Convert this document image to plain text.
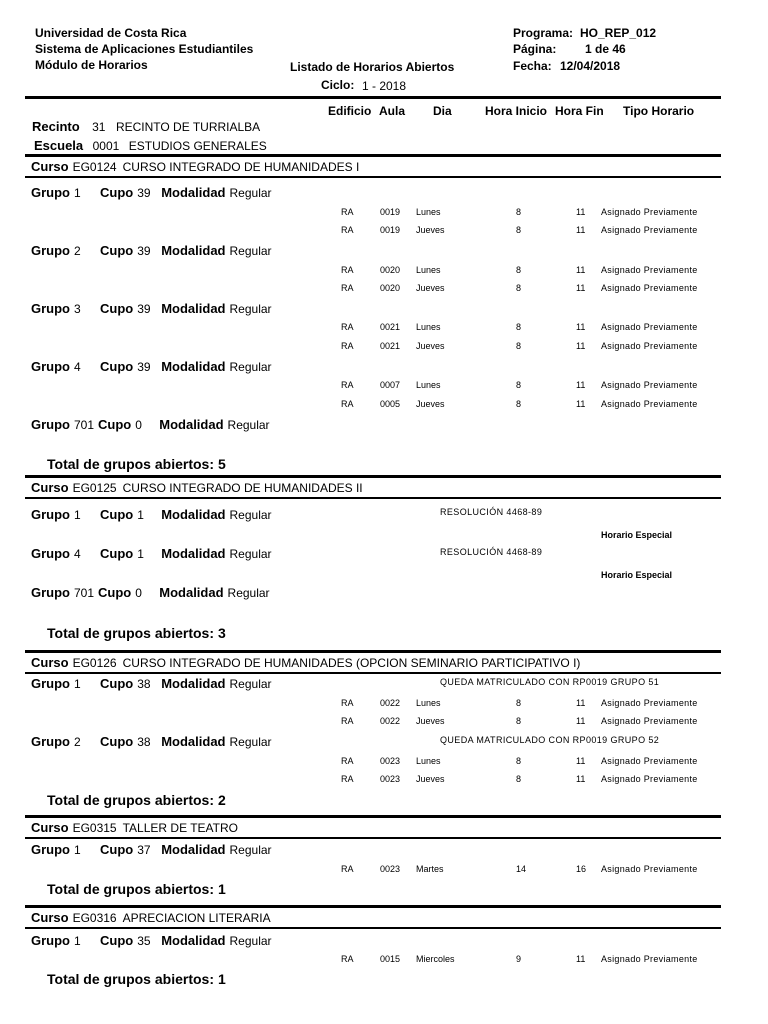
Universidad de Costa Rica
Sistema de Aplicaciones Estudiantiles
Módulo de Horarios	Listado de Horarios Abiertos
Ciclo: 1 - 2018
Programa: HO_REP_012
Página: 1 de 46
Fecha: 12/04/2018
Edificio Aula Dia	Hora Inicio Hora Fin Tipo Horario
Recinto 31 RECINTO DE TURRIALBA
Escuela 0001 ESTUDIOS GENERALES
Curso EG0124 CURSO INTEGRADO DE HUMANIDADES I
Grupo 1 Cupo 39 Modalidad Regular
RA	0019 Lunes	8	11 Asignado Previamente
RA	0019 Jueves	8	11 Asignado Previamente
Grupo 2 Cupo 39 Modalidad Regular
RA	0020 Lunes	8	11 Asignado Previamente
RA	0020 Jueves	8	11 Asignado Previamente
Grupo 3 Cupo 39 Modalidad Regular
RA	0021 Lunes	8	11 Asignado Previamente
RA	0021 Jueves	8	11 Asignado Previamente
Grupo 4 Cupo 39 Modalidad Regular
RA	0007 Lunes	8	11 Asignado Previamente
RA	0005 Jueves	8	11 Asignado Previamente
Grupo 701 Cupo 0 Modalidad Regular
Total de grupos abiertos: 5
Curso EG0125 CURSO INTEGRADO DE HUMANIDADES II
Grupo 1 Cupo 1 Modalidad Regular	RESOLUCIÓN 4468-89
Horario Especial
Grupo 4 Cupo 1 Modalidad Regular	RESOLUCIÓN 4468-89
Horario Especial
Grupo 701 Cupo 0 Modalidad Regular
Total de grupos abiertos: 3
Curso EG0126 CURSO INTEGRADO DE HUMANIDADES (OPCION SEMINARIO PARTICIPATIVO I)
Grupo 1 Cupo 38 Modalidad Regular	QUEDA MATRICULADO CON RP0019 GRUPO 51
RA	0022 Lunes	8	11 Asignado Previamente
RA	0022 Jueves	8	11 Asignado Previamente
Grupo 2 Cupo 38 Modalidad Regular	QUEDA MATRICULADO CON RP0019 GRUPO 52
RA	0023 Lunes	8	11 Asignado Previamente
RA	0023 Jueves	8	11 Asignado Previamente
Total de grupos abiertos: 2
Curso EG0315 TALLER DE TEATRO
Grupo 1 Cupo 37 Modalidad Regular
RA	0023 Martes	14	16 Asignado Previamente
Total de grupos abiertos: 1
Curso EG0316 APRECIACION LITERARIA
Grupo 1 Cupo 35 Modalidad Regular
RA	0015 Miercoles	9	11 Asignado Previamente
Total de grupos abiertos: 1
